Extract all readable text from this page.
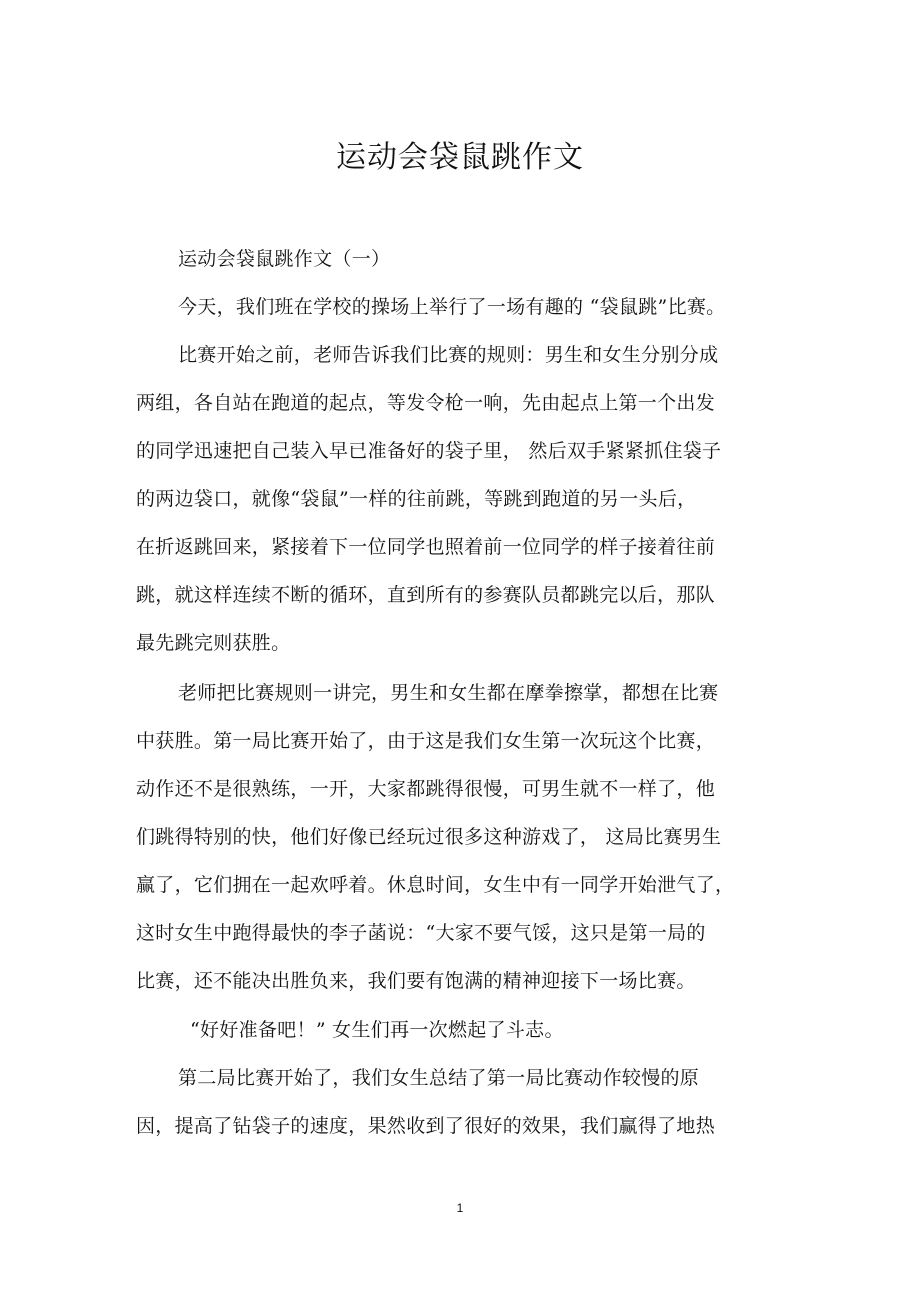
运动会袋鼠跳作文
运动会袋鼠跳作文（一）
今天，我们班在学校的操场上举行了一场有趣的 “袋鼠跳”比赛。
比赛开始之前，老师告诉我们比赛的规则：男生和女生分别分成
两组，各自站在跑道的起点，等发令枪一响，先由起点上第一个出发
的同学迅速把自己装入早已准备好的袋子里， 然后双手紧紧抓住袋子
的两边袋口，就像“袋鼠”一样的往前跳，等跳到跑道的另一头后，
在折返跳回来，紧接着下一位同学也照着前一位同学的样子接着往前
跳，就这样连续不断的循环，直到所有的参赛队员都跳完以后，那队
最先跳完则获胜。
老师把比赛规则一讲完，男生和女生都在摩拳擦掌，都想在比赛
中获胜。第一局比赛开始了，由于这是我们女生第一次玩这个比赛，
动作还不是很熟练，一开，大家都跳得很慢，可男生就不一样了，他
们跳得特别的快，他们好像已经玩过很多这种游戏了， 这局比赛男生
赢了，它们拥在一起欢呼着。休息时间，女生中有一同学开始泄气了，
这时女生中跑得最快的李子菡说：“大家不要气馁，这只是第一局的
比赛，还不能决出胜负来，我们要有饱满的精神迎接下一场比赛。
“好好准备吧！” 女生们再一次燃起了斗志。
第二局比赛开始了，我们女生总结了第一局比赛动作较慢的原
因，提高了钻袋子的速度，果然收到了很好的效果，我们赢得了地热
1
